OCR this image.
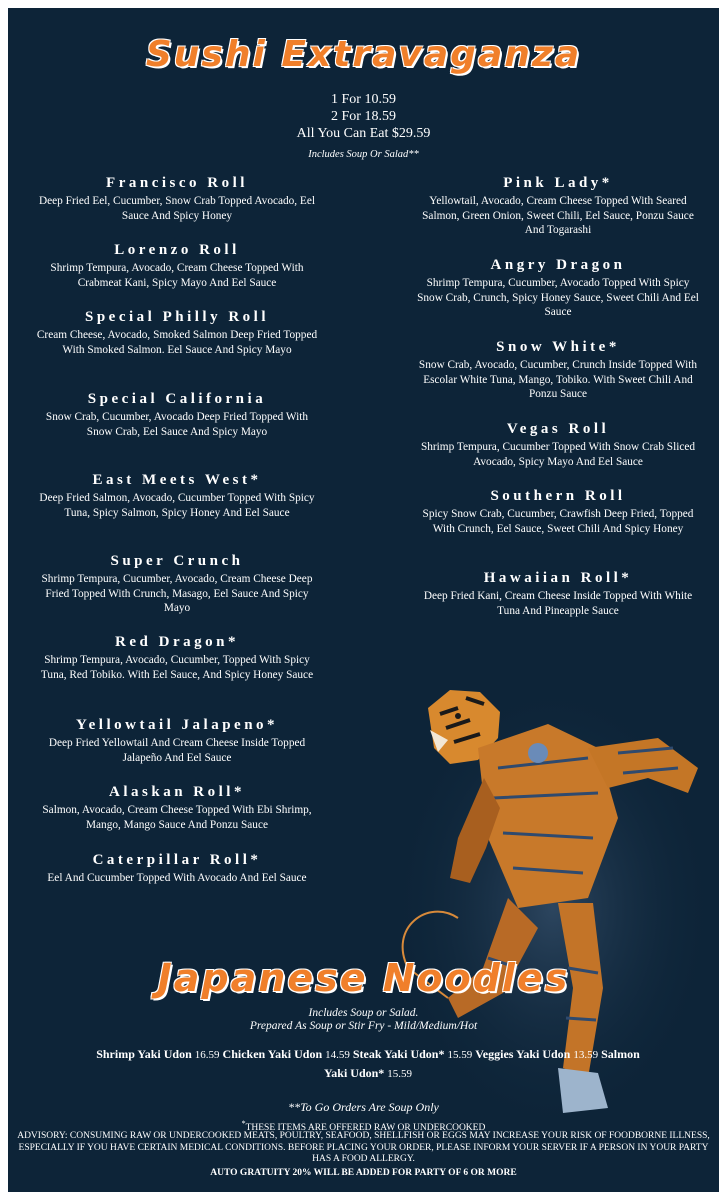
Sushi Extravaganza
1 For 10.59
2 For 18.59
All You Can Eat $29.59
Includes Soup Or Salad**
Francisco Roll
Deep Fried Eel, Cucumber, Snow Crab Topped Avocado, Eel Sauce And Spicy Honey
Lorenzo Roll
Shrimp Tempura, Avocado, Cream Cheese Topped With Crabmeat Kani, Spicy Mayo And Eel Sauce
Special Philly Roll
Cream Cheese, Avocado, Smoked Salmon Deep Fried Topped With Smoked Salmon. Eel Sauce And Spicy Mayo
Special California
Snow Crab, Cucumber, Avocado Deep Fried Topped With Snow Crab, Eel Sauce And Spicy Mayo
East Meets West*
Deep Fried Salmon, Avocado, Cucumber Topped With Spicy Tuna, Spicy Salmon, Spicy Honey And Eel Sauce
Super Crunch
Shrimp Tempura, Cucumber, Avocado, Cream Cheese Deep Fried Topped With Crunch, Masago, Eel Sauce And Spicy Mayo
Red Dragon*
Shrimp Tempura, Avocado, Cucumber, Topped With Spicy Tuna, Red Tobiko. With Eel Sauce, And Spicy Honey Sauce
Yellowtail Jalapeno*
Deep Fried Yellowtail And Cream Cheese Inside Topped Jalapeño And Eel Sauce
Alaskan Roll*
Salmon, Avocado, Cream Cheese Topped With Ebi Shrimp, Mango, Mango Sauce And Ponzu Sauce
Caterpillar Roll*
Eel And Cucumber Topped With Avocado And Eel Sauce
Pink Lady*
Yellowtail, Avocado, Cream Cheese Topped With Seared Salmon, Green Onion, Sweet Chili, Eel Sauce, Ponzu Sauce And Togarashi
Angry Dragon
Shrimp Tempura, Cucumber, Avocado Topped With Spicy Snow Crab, Crunch, Spicy Honey Sauce, Sweet Chili And Eel Sauce
Snow White*
Snow Crab, Avocado, Cucumber, Crunch Inside Topped With Escolar White Tuna, Mango, Tobiko. With Sweet Chili And Ponzu Sauce
Vegas Roll
Shrimp Tempura, Cucumber Topped With Snow Crab Sliced Avocado, Spicy Mayo And Eel Sauce
Southern Roll
Spicy Snow Crab, Cucumber, Crawfish Deep Fried, Topped With Crunch, Eel Sauce, Sweet Chili And Spicy Honey
Hawaiian Roll*
Deep Fried Kani, Cream Cheese Inside Topped With White Tuna And Pineapple Sauce
Japanese Noodles
Includes Soup or Salad.
Prepared As Soup or Stir Fry - Mild/Medium/Hot
Shrimp Yaki Udon 16.59 Chicken Yaki Udon 14.59 Steak Yaki Udon* 15.59 Veggies Yaki Udon 13.59 Salmon Yaki Udon* 15.59
**To Go Orders Are Soup Only
*THESE ITEMS ARE OFFERED RAW OR UNDERCOOKED
ADVISORY: CONSUMING RAW OR UNDERCOOKED MEATS, POULTRY, SEAFOOD, SHELLFISH OR EGGS MAY INCREASE YOUR RISK OF FOODBORNE ILLNESS, ESPECIALLY IF YOU HAVE CERTAIN MEDICAL CONDITIONS. BEFORE PLACING YOUR ORDER, PLEASE INFORM YOUR SERVER IF A PERSON IN YOUR PARTY HAS A FOOD ALLERGY.
AUTO GRATUITY 20% WILL BE ADDED FOR PARTY OF 6 OR MORE
